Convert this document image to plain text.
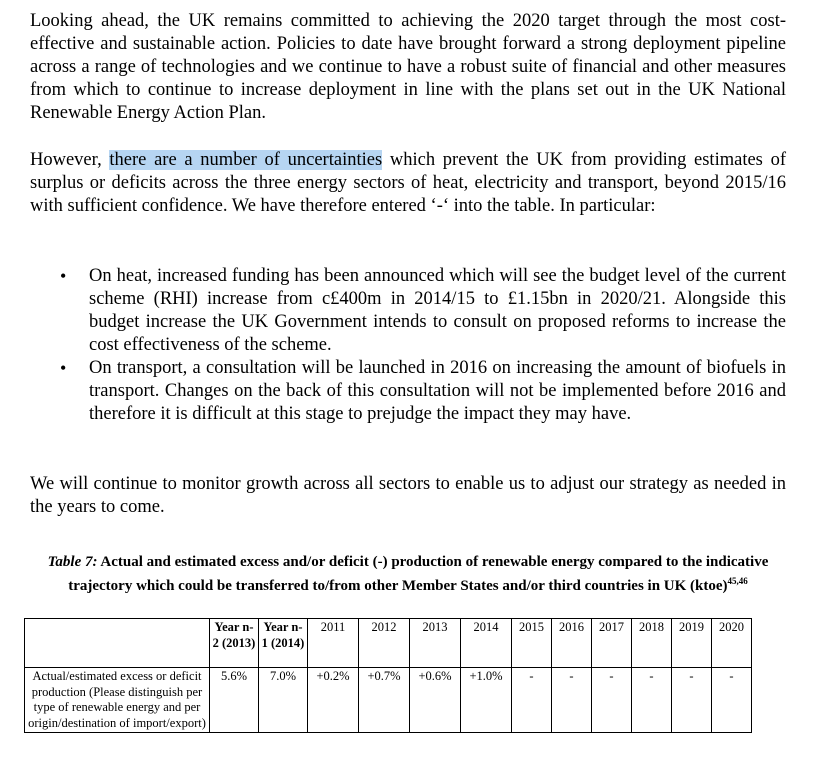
Looking ahead, the UK remains committed to achieving the 2020 target through the most cost-effective and sustainable action. Policies to date have brought forward a strong deployment pipeline across a range of technologies and we continue to have a robust suite of financial and other measures from which to continue to increase deployment in line with the plans set out in the UK National Renewable Energy Action Plan.

However, there are a number of uncertainties which prevent the UK from providing estimates of surplus or deficits across the three energy sectors of heat, electricity and transport, beyond 2015/16 with sufficient confidence. We have therefore entered ‘-‘ into the table. In particular:

• On heat, increased funding has been announced which will see the budget level of the current scheme (RHI) increase from c£400m in 2014/15 to £1.15bn in 2020/21. Alongside this budget increase the UK Government intends to consult on proposed reforms to increase the cost effectiveness of the scheme.
• On transport, a consultation will be launched in 2016 on increasing the amount of biofuels in transport. Changes on the back of this consultation will not be implemented before 2016 and therefore it is difficult at this stage to prejudge the impact they may have.

We will continue to monitor growth across all sectors to enable us to adjust our strategy as needed in the years to come.

Table 7: Actual and estimated excess and/or deficit (-) production of renewable energy compared to the indicative trajectory which could be transferred to/from other Member States and/or third countries in UK (ktoe)$^{45,46}$
	Year n-2 (2013)	Year n-1 (2014)	2011	2012	2013	2014	2015	2016	2017	2018	2019	2020
Actual/estimated excess or deficit production (Please distinguish per type of renewable energy and per origin/destination of import/export)	5.6%	7.0%	+0.2%	+0.7%	+0.6%	+1.0%	-	-	-	-	-	-
